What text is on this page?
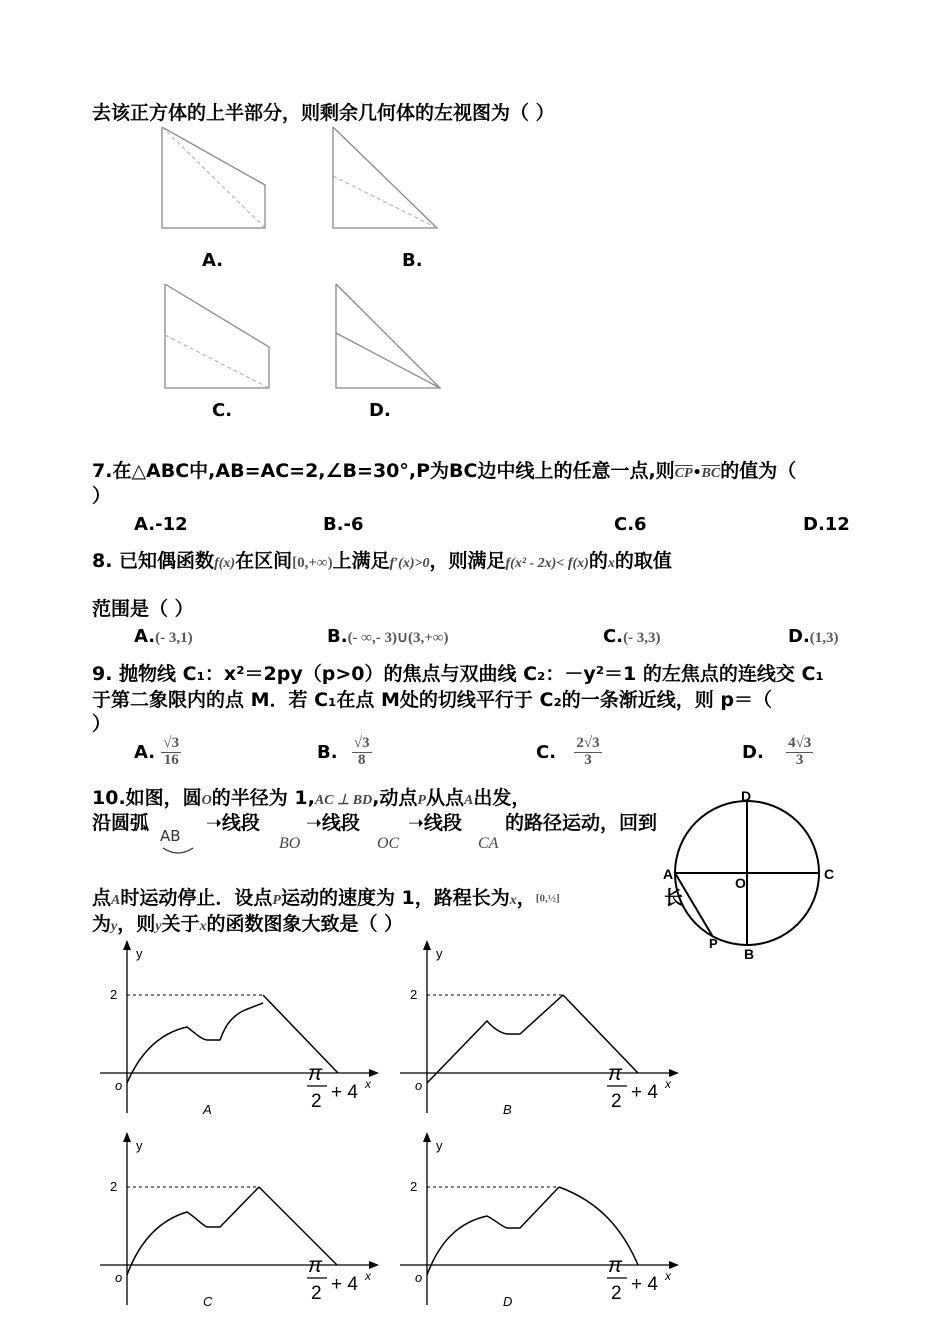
去该正方体的上半部分，则剩余几何体的左视图为（ ）
A.	B.
C.	D.
7.在△ABC中,AB=AC=2,∠B=30°,P为BC边中线上的任意一点,则$\overline{CP}•\overline{BC}$的值为（
）
A.-12	B.-6	C.6	D.12
8. 已知偶函数f(x)在区间[0,+∞)上满足f′(x)>0，则满足f(x² - 2x)< f(x)的x的取值
范围是（ ）
A.(- 3,1)	B.(- ∞,- 3)∪(3,+∞)	C.(- 3,3)	D.(1,3)
9. 抛物线 C₁：x²＝2py（p>0）的焦点与双曲线 C₂：－y²＝1 的左焦点的连线交 C₁
于第二象限内的点 M．若 C₁在点 M处的切线平行于 C₂的一条渐近线，则 p＝（
）
A. $\frac{√3}{16}$	B. $\frac{√3}{8}$	C. $\frac{2√3}{3}$	D. $\frac{4√3}{3}$
10.如图，圆O的半径为 1,AC ⊥ BD,动点P从点A出发，
沿圆弧	➝线段 ➝线段	➝线段 的路径运动，回到
AB	BO	OC	CA
点A时运动停止．设点P运动的速度为 1，路程长为x，[0,½]	长
为y，则y关于x的函数图象大致是（ ）
D
A	C
O
P
B
y
2
o
π
2 + 4 x
A
y
2
o
π
2 + 4 x
B
y
2
o
π
2 + 4 x
C
y
2
o
π
2 + 4 x
D
